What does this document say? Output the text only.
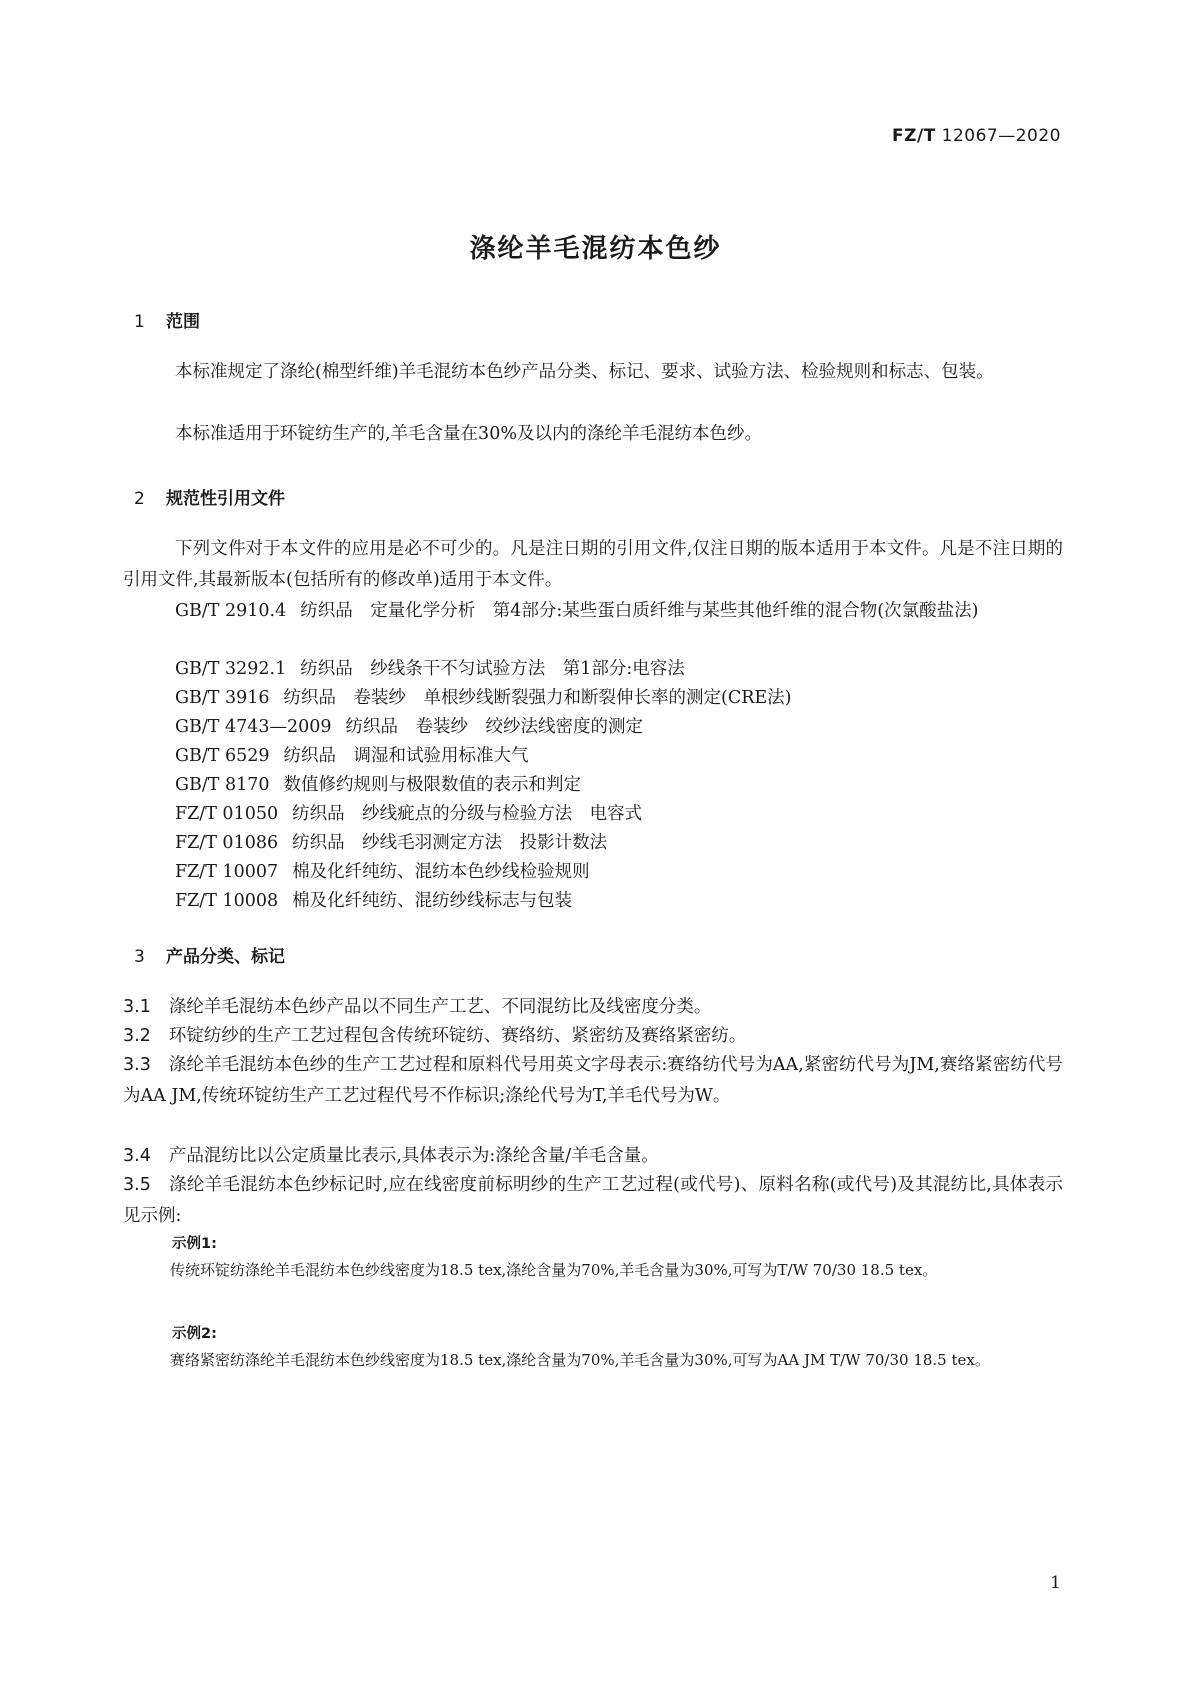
FZ/T 12067—2020
涤纶羊毛混纺本色纱
1 范围
本标准规定了涤纶(棉型纤维)羊毛混纺本色纱产品分类、标记、要求、试验方法、检验规则和标志、包装。
本标准适用于环锭纺生产的,羊毛含量在30%及以内的涤纶羊毛混纺本色纱。
2 规范性引用文件
下列文件对于本文件的应用是必不可少的。凡是注日期的引用文件,仅注日期的版本适用于本文件。凡是不注日期的引用文件,其最新版本(包括所有的修改单)适用于本文件。
GB/T 2910.4 纺织品　定量化学分析　第4部分:某些蛋白质纤维与某些其他纤维的混合物(次氯酸盐法)
GB/T 3292.1 纺织品　纱线条干不匀试验方法　第1部分:电容法
GB/T 3916 纺织品　卷装纱　单根纱线断裂强力和断裂伸长率的测定(CRE法)
GB/T 4743—2009 纺织品　卷装纱　绞纱法线密度的测定
GB/T 6529 纺织品　调湿和试验用标准大气
GB/T 8170 数值修约规则与极限数值的表示和判定
FZ/T 01050 纺织品　纱线疵点的分级与检验方法　电容式
FZ/T 01086 纺织品　纱线毛羽测定方法　投影计数法
FZ/T 10007 棉及化纤纯纺、混纺本色纱线检验规则
FZ/T 10008 棉及化纤纯纺、混纺纱线标志与包装
3 产品分类、标记
3.1 涤纶羊毛混纺本色纱产品以不同生产工艺、不同混纺比及线密度分类。
3.2 环锭纺纱的生产工艺过程包含传统环锭纺、赛络纺、紧密纺及赛络紧密纺。
3.3 涤纶羊毛混纺本色纱的生产工艺过程和原料代号用英文字母表示:赛络纺代号为AA,紧密纺代号为JM,赛络紧密纺代号为AA JM,传统环锭纺生产工艺过程代号不作标识;涤纶代号为T,羊毛代号为W。
3.4 产品混纺比以公定质量比表示,具体表示为:涤纶含量/羊毛含量。
3.5 涤纶羊毛混纺本色纱标记时,应在线密度前标明纱的生产工艺过程(或代号)、原料名称(或代号)及其混纺比,具体表示见示例:
示例1:
传统环锭纺涤纶羊毛混纺本色纱线密度为18.5 tex,涤纶含量为70%,羊毛含量为30%,可写为T/W 70/30 18.5 tex。
示例2:
赛络紧密纺涤纶羊毛混纺本色纱线密度为18.5 tex,涤纶含量为70%,羊毛含量为30%,可写为AA JM T/W 70/30 18.5 tex。
1
